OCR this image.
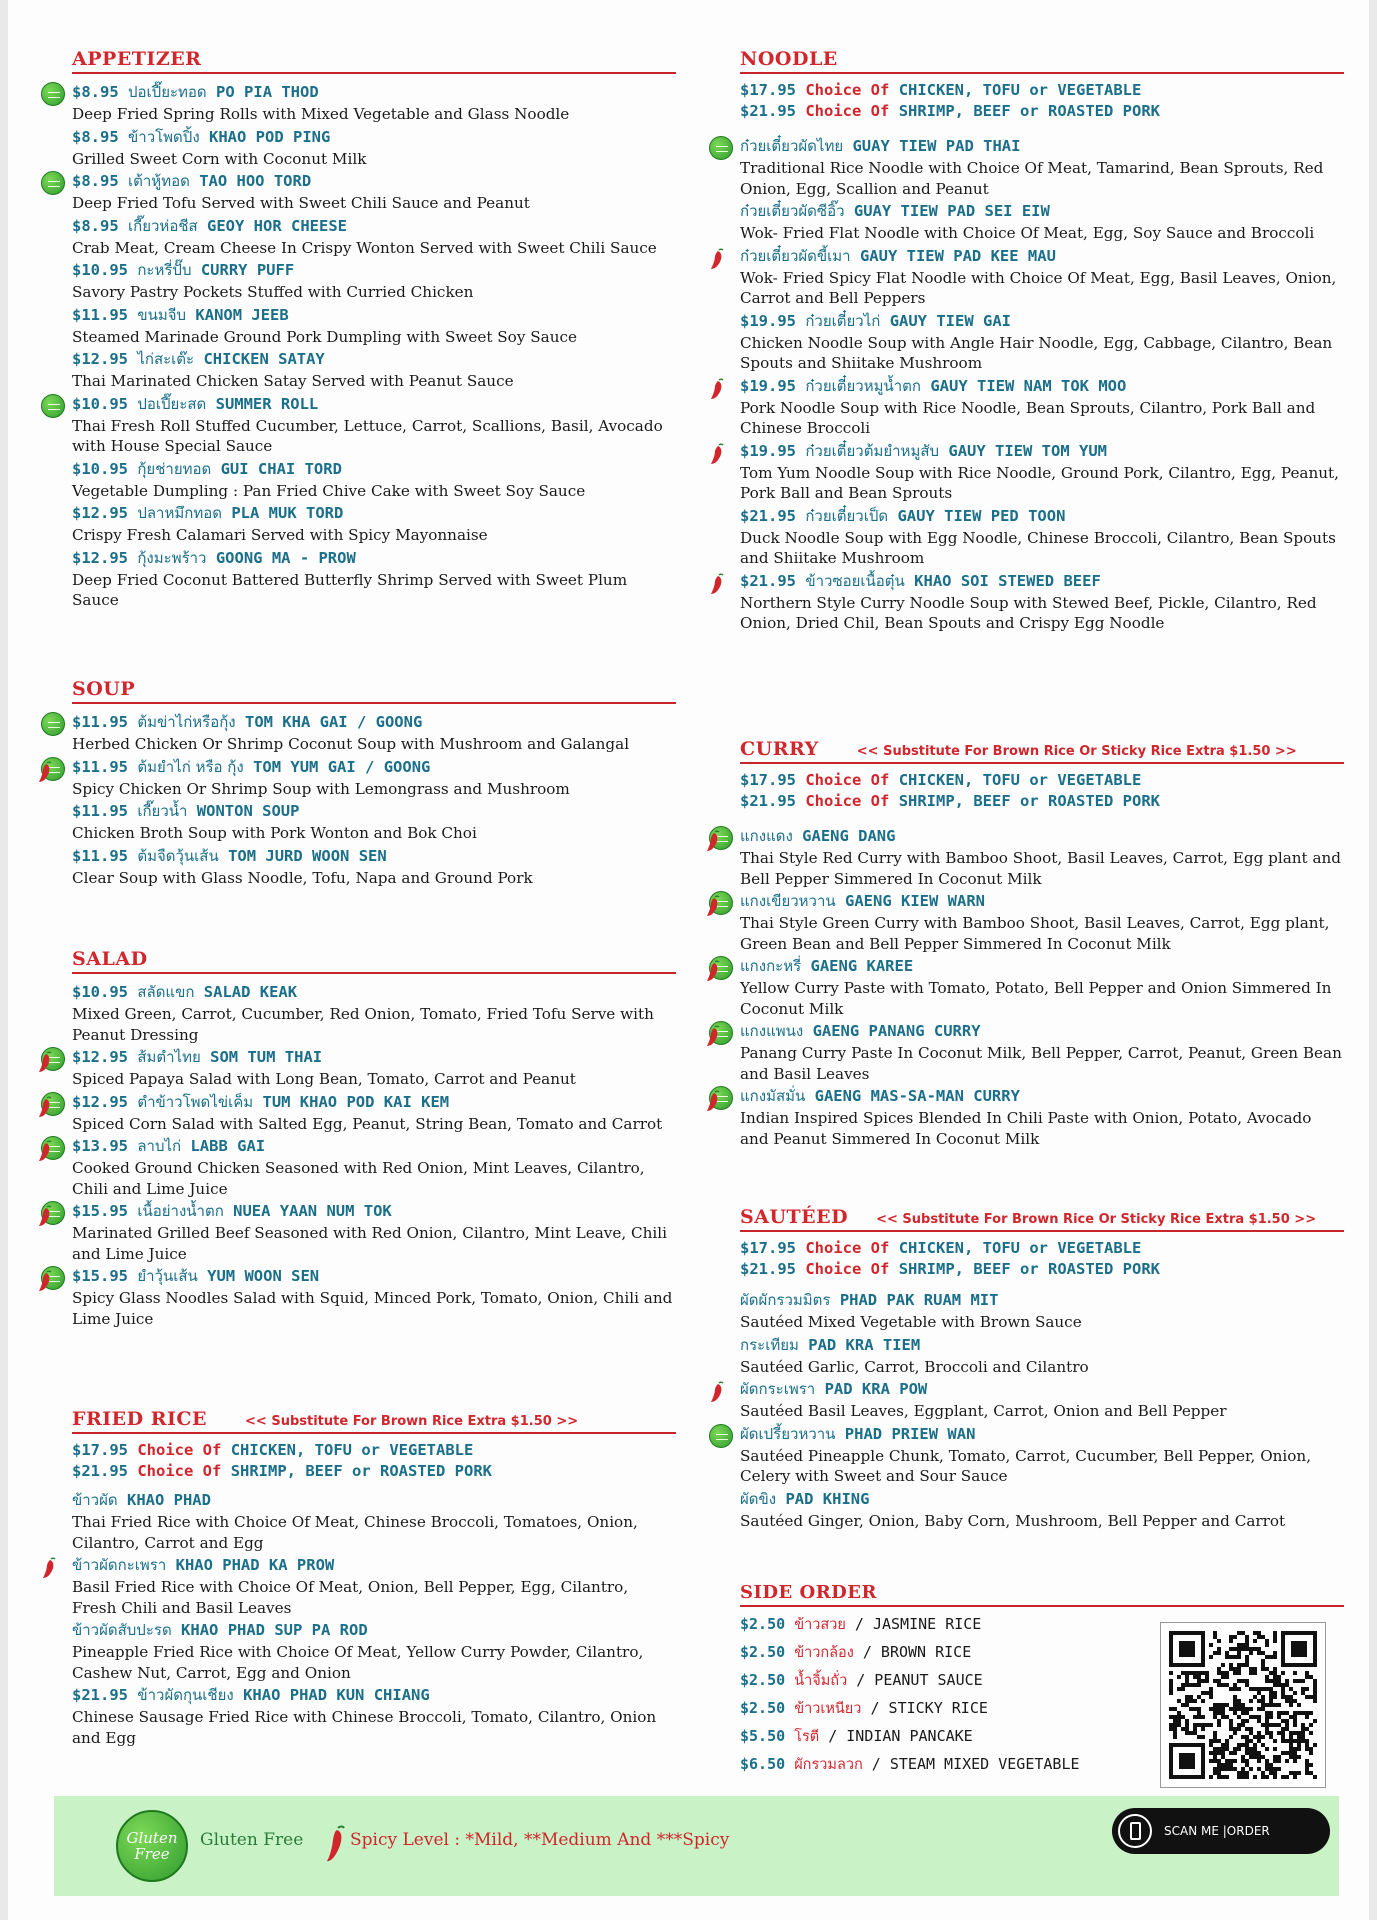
APPETIZER
$8.95 ปอเปี๊ยะทอด PO PIA THOD
Deep Fried Spring Rolls with Mixed Vegetable and Glass Noodle
$8.95 ข้าวโพดปิ้ง KHAO POD PING
Grilled Sweet Corn with Coconut Milk
$8.95 เต้าหู้ทอด TAO HOO TORD
Deep Fried Tofu Served with Sweet Chili Sauce and Peanut
$8.95 เกี๊ยวห่อชีส GEOY HOR CHEESE
Crab Meat, Cream Cheese In Crispy Wonton Served with Sweet Chili Sauce
$10.95 กะหรี่ปั๊บ CURRY PUFF
Savory Pastry Pockets Stuffed with Curried Chicken
$11.95 ขนมจีบ KANOM JEEB
Steamed Marinade Ground Pork Dumpling with Sweet Soy Sauce
$12.95 ไก่สะเต๊ะ CHICKEN SATAY
Thai Marinated Chicken Satay Served with Peanut Sauce
$10.95 ปอเปี๊ยะสด SUMMER ROLL
Thai Fresh Roll Stuffed Cucumber, Lettuce, Carrot, Scallions, Basil, Avocado with House Special Sauce
$10.95 กุ้ยช่ายทอด GUI CHAI TORD
Vegetable Dumpling : Pan Fried Chive Cake with Sweet Soy Sauce
$12.95 ปลาหมึกทอด PLA MUK TORD
Crispy Fresh Calamari Served with Spicy Mayonnaise
$12.95 กุ้งมะพร้าว GOONG MA - PROW
Deep Fried Coconut Battered Butterfly Shrimp Served with Sweet Plum Sauce
SOUP
$11.95 ต้มข่าไก่หรือกุ้ง TOM KHA GAI / GOONG
Herbed Chicken Or Shrimp Coconut Soup with Mushroom and Galangal
$11.95 ต้มยำไก่ หรือ กุ้ง TOM YUM GAI / GOONG
Spicy Chicken Or Shrimp Soup with Lemongrass and Mushroom
$11.95 เกี๊ยวน้ำ WONTON SOUP
Chicken Broth Soup with Pork Wonton and Bok Choi
$11.95 ต้มจืดวุ้นเส้น TOM JURD WOON SEN
Clear Soup with Glass Noodle, Tofu, Napa and Ground Pork
SALAD
$10.95 สลัดแขก SALAD KEAK
Mixed Green, Carrot, Cucumber, Red Onion, Tomato, Fried Tofu Serve with Peanut Dressing
$12.95 ส้มตำไทย SOM TUM THAI
Spiced Papaya Salad with Long Bean, Tomato, Carrot and Peanut
$12.95 ตำข้าวโพดไข่เค็ม TUM KHAO POD KAI KEM
Spiced Corn Salad with Salted Egg, Peanut, String Bean, Tomato and Carrot
$13.95 ลาบไก่ LABB GAI
Cooked Ground Chicken Seasoned with Red Onion, Mint Leaves, Cilantro, Chili and Lime Juice
$15.95 เนื้อย่างน้ำตก NUEA YAAN NUM TOK
Marinated Grilled Beef Seasoned with Red Onion, Cilantro, Mint Leave, Chili and Lime Juice
$15.95 ยำวุ้นเส้น YUM WOON SEN
Spicy Glass Noodles Salad with Squid, Minced Pork, Tomato, Onion, Chili and Lime Juice
FRIED RICE	<< Substitute For Brown Rice Extra $1.50 >>
$17.95 Choice Of CHICKEN, TOFU or VEGETABLE
$21.95 Choice Of SHRIMP, BEEF or ROASTED PORK
ข้าวผัด KHAO PHAD
Thai Fried Rice with Choice Of Meat, Chinese Broccoli, Tomatoes, Onion, Cilantro, Carrot and Egg
ข้าวผัดกะเพรา KHAO PHAD KA PROW
Basil Fried Rice with Choice Of Meat, Onion, Bell Pepper, Egg, Cilantro, Fresh Chili and Basil Leaves
ข้าวผัดสับปะรด KHAO PHAD SUP PA ROD
Pineapple Fried Rice with Choice Of Meat, Yellow Curry Powder, Cilantro, Cashew Nut, Carrot, Egg and Onion
$21.95 ข้าวผัดกุนเชียง KHAO PHAD KUN CHIANG
Chinese Sausage Fried Rice with Chinese Broccoli, Tomato, Cilantro, Onion and Egg
NOODLE
$17.95 Choice Of CHICKEN, TOFU or VEGETABLE
$21.95 Choice Of SHRIMP, BEEF or ROASTED PORK
ก๋วยเตี๋ยวผัดไทย GUAY TIEW PAD THAI
Traditional Rice Noodle with Choice Of Meat, Tamarind, Bean Sprouts, Red Onion, Egg, Scallion and Peanut
ก๋วยเตี๋ยวผัดซีอิ๊ว GUAY TIEW PAD SEI EIW
Wok- Fried Flat Noodle with Choice Of Meat, Egg, Soy Sauce and Broccoli
ก๋วยเตี๋ยวผัดขี้เมา GAUY TIEW PAD KEE MAU
Wok- Fried Spicy Flat Noodle with Choice Of Meat, Egg, Basil Leaves, Onion, Carrot and Bell Peppers
$19.95 ก๋วยเตี๋ยวไก่ GAUY TIEW GAI
Chicken Noodle Soup with Angle Hair Noodle, Egg, Cabbage, Cilantro, Bean Spouts and Shiitake Mushroom
$19.95 ก๋วยเตี๋ยวหมูน้ำตก GAUY TIEW NAM TOK MOO
Pork Noodle Soup with Rice Noodle, Bean Sprouts, Cilantro, Pork Ball and Chinese Broccoli
$19.95 ก๋วยเตี๋ยวต้มยำหมูสับ GAUY TIEW TOM YUM
Tom Yum Noodle Soup with Rice Noodle, Ground Pork, Cilantro, Egg, Peanut, Pork Ball and Bean Sprouts
$21.95 ก๋วยเตี๋ยวเป็ด GAUY TIEW PED TOON
Duck Noodle Soup with Egg Noodle, Chinese Broccoli, Cilantro, Bean Spouts and Shiitake Mushroom
$21.95 ข้าวซอยเนื้อตุ๋น KHAO SOI STEWED BEEF
Northern Style Curry Noodle Soup with Stewed Beef, Pickle, Cilantro, Red Onion, Dried Chil, Bean Spouts and Crispy Egg Noodle
CURRY	<< Substitute For Brown Rice Or Sticky Rice Extra $1.50 >>
$17.95 Choice Of CHICKEN, TOFU or VEGETABLE
$21.95 Choice Of SHRIMP, BEEF or ROASTED PORK
แกงแดง GAENG DANG
Thai Style Red Curry with Bamboo Shoot, Basil Leaves, Carrot, Egg plant and Bell Pepper Simmered In Coconut Milk
แกงเขียวหวาน GAENG KIEW WARN
Thai Style Green Curry with Bamboo Shoot, Basil Leaves, Carrot, Egg plant, Green Bean and Bell Pepper Simmered In Coconut Milk
แกงกะหรี่ GAENG KAREE
Yellow Curry Paste with Tomato, Potato, Bell Pepper and Onion Simmered In Coconut Milk
แกงแพนง GAENG PANANG CURRY
Panang Curry Paste In Coconut Milk, Bell Pepper, Carrot, Peanut, Green Bean and Basil Leaves
แกงมัสมั่น GAENG MAS-SA-MAN CURRY
Indian Inspired Spices Blended In Chili Paste with Onion, Potato, Avocado and Peanut Simmered In Coconut Milk
SAUTÉED << Substitute For Brown Rice Or Sticky Rice Extra $1.50 >>
$17.95 Choice Of CHICKEN, TOFU or VEGETABLE
$21.95 Choice Of SHRIMP, BEEF or ROASTED PORK
ผัดผักรวมมิตร PHAD PAK RUAM MIT
Sautéed Mixed Vegetable with Brown Sauce
กระเทียม PAD KRA TIEM
Sautéed Garlic, Carrot, Broccoli and Cilantro
ผัดกระเพรา PAD KRA POW
Sautéed Basil Leaves, Eggplant, Carrot, Onion and Bell Pepper
ผัดเปรี้ยวหวาน PHAD PRIEW WAN
Sautéed Pineapple Chunk, Tomato, Carrot, Cucumber, Bell Pepper, Onion, Celery with Sweet and Sour Sauce
ผัดขิง PAD KHING
Sautéed Ginger, Onion, Baby Corn, Mushroom, Bell Pepper and Carrot
SIDE ORDER
$2.50 ข้าวสวย / JASMINE RICE
$2.50 ข้าวกล้อง / BROWN RICE
$2.50 น้ำจิ้มถั่ว / PEANUT SAUCE
$2.50 ข้าวเหนียว / STICKY RICE
$5.50 โรตี / INDIAN PANCAKE
$6.50 ผักรวมลวก / STEAM MIXED VEGETABLE
Gluten
Free
Gluten Free	Spicy Level : *Mild, **Medium And ***Spicy	SCAN ME |ORDER
